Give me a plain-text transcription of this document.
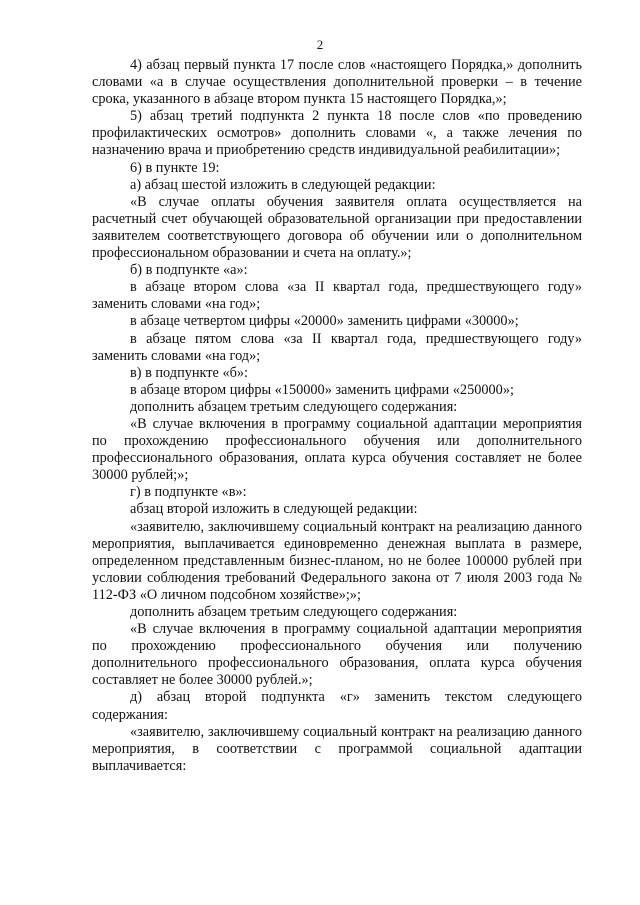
2

4) абзац первый пункта 17 после слов «настоящего Порядка,» дополнить словами «а в случае осуществления дополнительной проверки – в течение срока, указанного в абзаце втором пункта 15 настоящего Порядка,»;

5) абзац третий подпункта 2 пункта 18 после слов «по проведению профилактических осмотров» дополнить словами «, а также лечения по назначению врача и приобретению средств индивидуальной реабилитации»;

6) в пункте 19:

а) абзац шестой изложить в следующей редакции:

«В случае оплаты обучения заявителя оплата осуществляется на расчетный счет обучающей образовательной организации при предоставлении заявителем соответствующего договора об обучении или о дополнительном профессиональном образовании и счета на оплату.»;

б) в подпункте «а»:

в абзаце втором слова «за II квартал года, предшествующего году» заменить словами «на год»;

в абзаце четвертом цифры «20000» заменить цифрами «30000»;

в абзаце пятом слова «за II квартал года, предшествующего году» заменить словами «на год»;

в) в подпункте «б»:

в абзаце втором цифры «150000» заменить цифрами «250000»;

дополнить абзацем третьим следующего содержания:

«В случае включения в программу социальной адаптации мероприятия по прохождению профессионального обучения или дополнительного профессионального образования, оплата курса обучения составляет не более 30000 рублей;»;

г) в подпункте «в»:

абзац второй изложить в следующей редакции:

«заявителю, заключившему социальный контракт на реализацию данного мероприятия, выплачивается единовременно денежная выплата в размере, определенном представленным бизнес-планом, но не более 100000 рублей при условии соблюдения требований Федерального закона от 7 июля 2003 года № 112-ФЗ «О личном подсобном хозяйстве»;»;

дополнить абзацем третьим следующего содержания:

«В случае включения в программу социальной адаптации мероприятия по прохождению профессионального обучения или получению дополнительного профессионального образования, оплата курса обучения составляет не более 30000 рублей.»;

д) абзац второй подпункта «г» заменить текстом следующего содержания:

«заявителю, заключившему социальный контракт на реализацию данного мероприятия, в соответствии с программой социальной адаптации выплачивается:
